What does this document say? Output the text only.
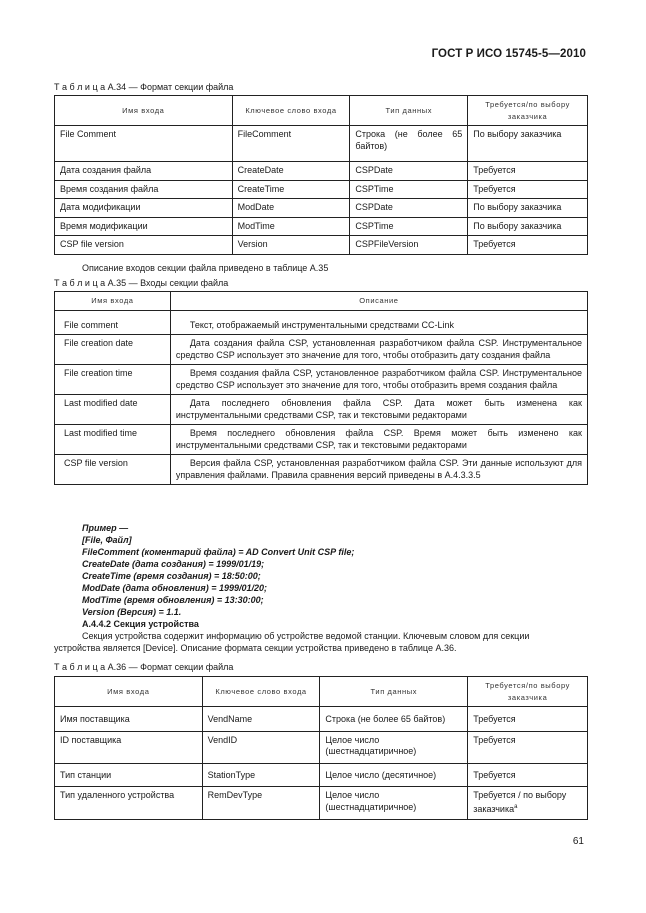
ГОСТ Р ИСО 15745-5—2010
Т а б л и ц а А.34 — Формат секции файла
Имя входа	Ключевое слово входа	Тип данных	Требуется/по выбору заказчика
File Comment	FileComment	Строка (не более 65 байтов)	По выбору заказчика
Дата создания файла	CreateDate	CSPDate	Требуется
Время создания файла	CreateTime	CSPTime	Требуется
Дата модификации	ModDate	CSPDate	По выбору заказчика
Время модификации	ModTime	CSPTime	По выбору заказчика
CSP file version	Version	CSPFileVersion	Требуется
Описание входов секции файла приведено в таблице А.35
Т а б л и ц а А.35 — Входы секции файла
Имя входа	Описание
File comment	Текст, отображаемый инструментальными средствами CC-Link
File creation date	Дата создания файла CSP, установленная разработчиком файла CSP. Инструментальное средство CSP использует это значение для того, чтобы отобразить дату создания файла
File creation time	Время создания файла CSP, установленное разработчиком файла CSP. Инструментальное средство CSP использует это значение для того, чтобы отобразить время создания файла
Last modified date	Дата последнего обновления файла CSP. Дата может быть изменена как инструментальными средствами CSP, так и текстовыми редакторами
Last modified time	Время последнего обновления файла CSP. Время может быть изменено как инструментальными средствами CSP, так и текстовыми редакторами
CSP file version	Версия файла CSP, установленная разработчиком файла CSP. Эти данные используют для управления файлами. Правила сравнения версий приведены в А.4.3.3.5
Пример —
[File, Файл]
FileComment (коментарий файла) = AD Convert Unit CSP file;
CreateDate (дата создания) = 1999/01/19;
CreateTime (время создания) = 18:50:00;
ModDate (дата обновления) = 1999/01/20;
ModTime (время обновления) = 13:30:00;
Version (Версия) = 1.1.
А.4.4.2 Секция устройства
Секция устройства содержит информацию об устройстве ведомой станции. Ключевым словом для секции
устройства является [Device]. Описание формата секции устройства приведено в таблице А.36.
Т а б л и ц а А.36 — Формат секции файла
Имя входа	Ключевое слово входа	Тип данных	Требуется/по выбору заказчика
Имя поставщика	VendName	Строка (не более 65 байтов)	Требуется
ID поставщика	VendID	Целое число (шестнадцатиричное)	Требуется
Тип станции	StationType	Целое число (десятичное)	Требуется
Тип удаленного устройства	RemDevType	Целое число (шестнадцатиричное)	Требуется / по выбору заказчика$^a$
61
